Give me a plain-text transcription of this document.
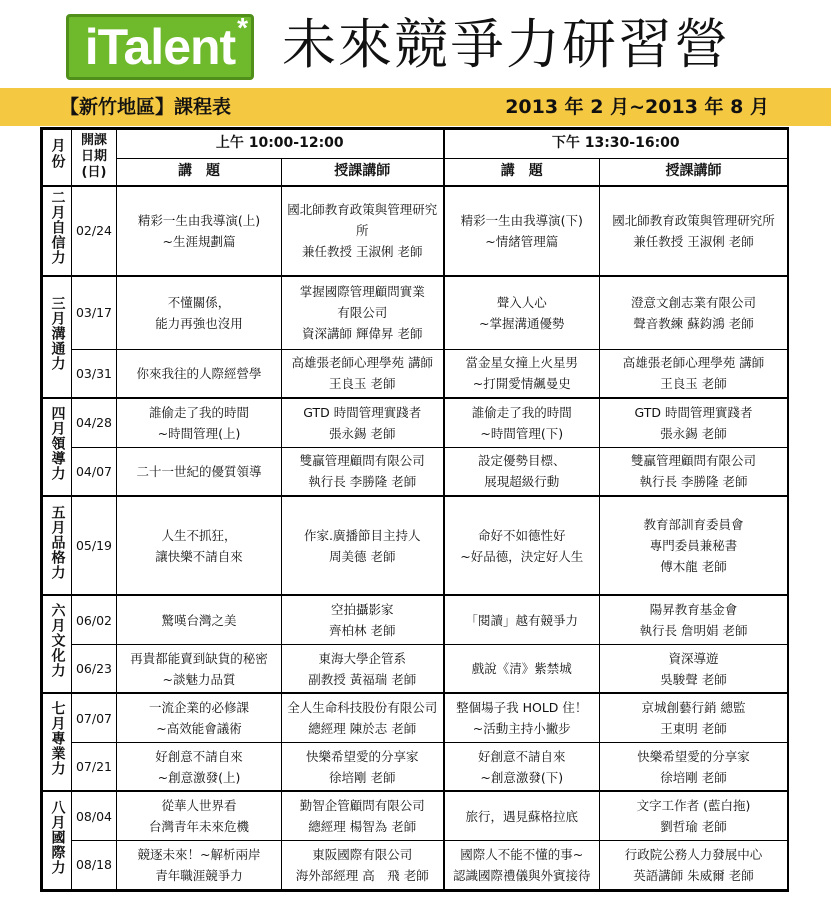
iTalent * 未來競爭力研習營
【新竹地區】課程表	2013 年 2 月~2013 年 8 月
月份	開課
日期
(日)	上午 10:00-12:00		下午 13:30-16:00	
		講　題	授課講師	講　題	授課講師
二月自信力	02/24	精彩一生由我導演(上)
~生涯規劃篇	國北師教育政策與管理研究所
兼任教授 王淑俐 老師	精彩一生由我導演(下)
~情緒管理篇	國北師教育政策與管理研究所
兼任教授 王淑俐 老師

三月溝通力	03/17	不懂關係，
能力再強也沒用	掌握國際管理顧問實業
有限公司
資深講師 輝偉昇 老師	聲入人心
~掌握溝通優勢	澄意文創志業有限公司
聲音教練 蘇鈞鴻 老師

	03/31	你來我往的人際經營學	高雄張老師心理學苑 講師
王良玉 老師	當金星女撞上火星男
~打開愛情飆曼史	高雄張老師心理學苑 講師
王良玉 老師

四月領導力	04/28	誰偷走了我的時間
~時間管理(上)	GTD 時間管理實踐者
張永錫 老師	誰偷走了我的時間
~時間管理(下)	GTD 時間管理實踐者
張永錫 老師

	04/07	二十一世紀的優質領導	雙贏管理顧問有限公司
執行長 李勝隆 老師	設定優勢目標、
展現超級行動	雙贏管理顧問有限公司
執行長 李勝隆 老師

五月品格力	05/19	人生不抓狂，
讓快樂不請自來	作家.廣播節目主持人
周美德 老師	命好不如德性好
~好品德，決定好人生	教育部訓育委員會
專門委員兼秘書
傅木龍 老師

六月文化力	06/02	驚嘆台灣之美	空拍攝影家
齊柏林 老師	「閱讀」越有競爭力	陽昇教育基金會
執行長 詹明娟 老師

	06/23	再貴都能賣到缺貨的秘密
~談魅力品質	東海大學企管系
副教授 黃福瑞 老師	戲說《清》紫禁城	資深導遊
吳駿聲 老師

七月專業力	07/07	一流企業的必修課
~高效能會議術	全人生命科技股份有限公司
總經理 陳於志 老師	整個場子我 HOLD 住！
~活動主持小撇步	京城創藝行銷 總監
王東明 老師

	07/21	好創意不請自來
~創意激發(上)	快樂希望愛的分享家
徐培剛 老師	好創意不請自來
~創意激發(下)	快樂希望愛的分享家
徐培剛 老師

八月國際力	08/04	從華人世界看
台灣青年未來危機	勤智企管顧問有限公司
總經理 楊智為 老師	旅行，遇見蘇格拉底	文字工作者 (藍白拖)
劉哲瑜 老師

	08/18	競逐未來！~解析兩岸
青年職涯競爭力	東阪國際有限公司
海外部經理 高　飛 老師	國際人不能不懂的事~
認識國際禮儀與外賓接待	行政院公務人力發展中心
英語講師 朱威爾 老師
